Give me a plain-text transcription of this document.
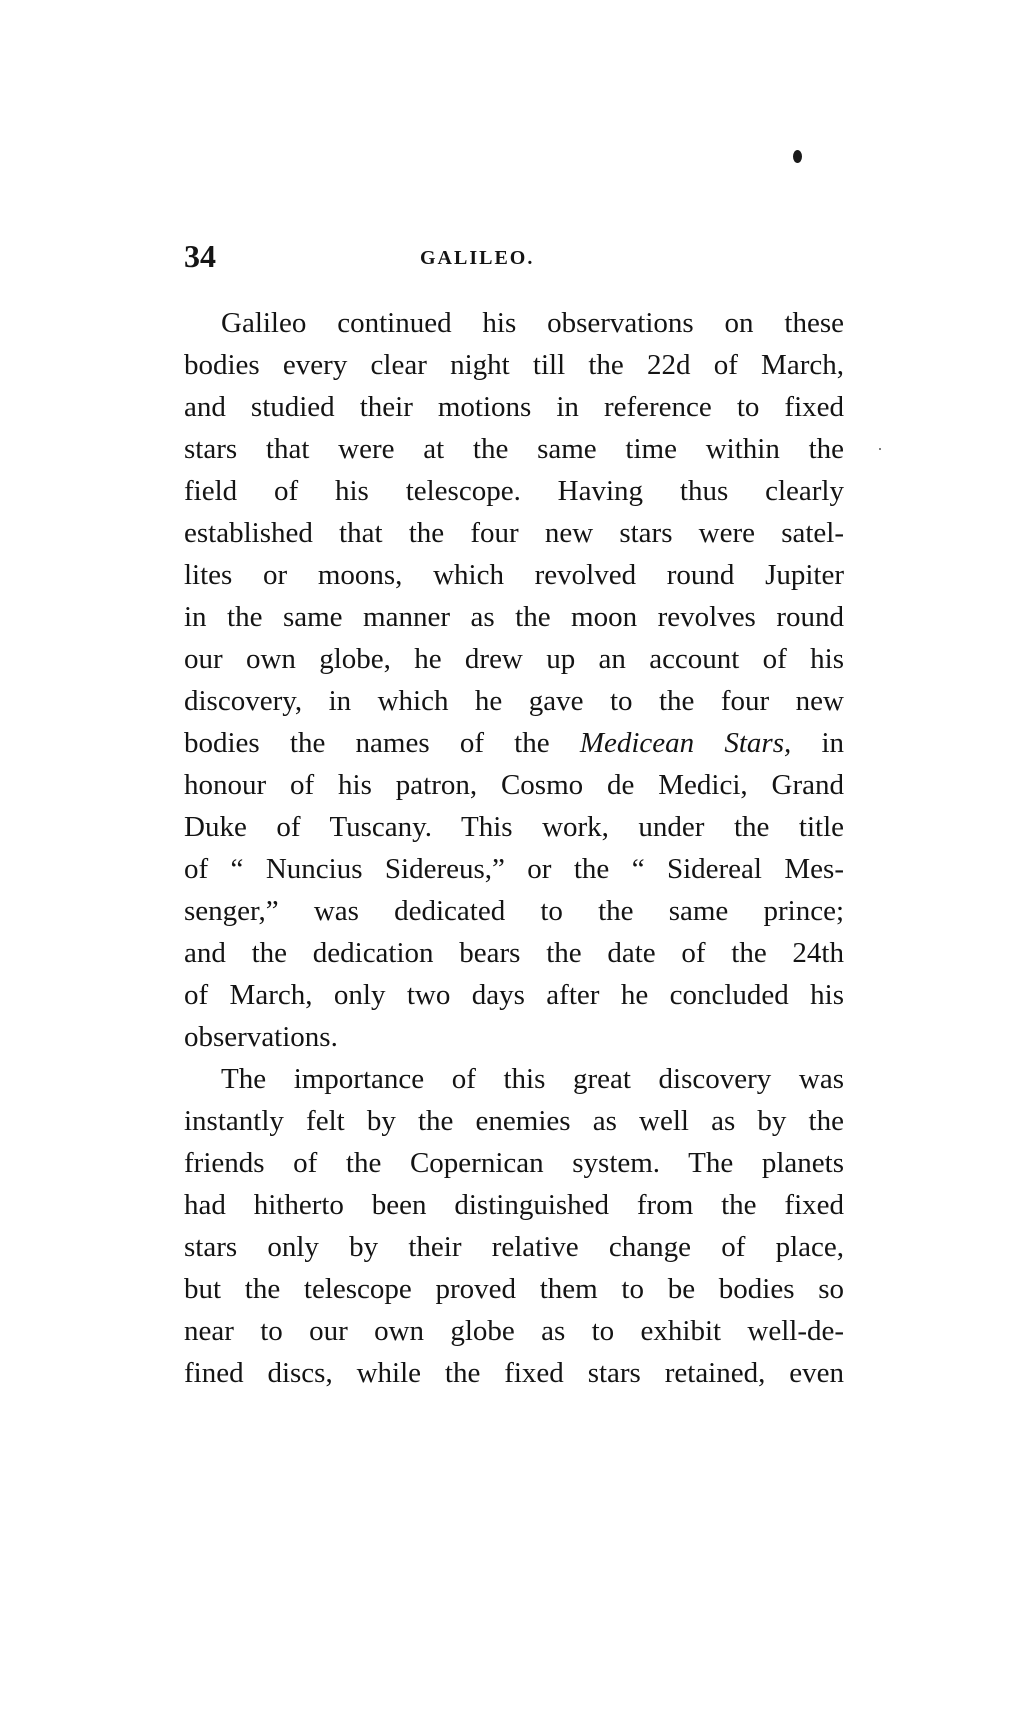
34	GALILEO.
Galileo continued his observations on these
bodies every clear night till the 22d of March,
and studied their motions in reference to fixed
stars that were at the same time within the
field of his telescope. Having thus clearly
established that the four new stars were satel-
lites or moons, which revolved round Jupiter
in the same manner as the moon revolves round
our own globe, he drew up an account of his
discovery, in which he gave to the four new
bodies the names of the Medicean Stars, in
honour of his patron, Cosmo de Medici, Grand
Duke of Tuscany. This work, under the title
of “ Nuncius Sidereus,” or the “ Sidereal Mes-
senger,” was dedicated to the same prince;
and the dedication bears the date of the 24th
of March, only two days after he concluded his
observations.
The importance of this great discovery was
instantly felt by the enemies as well as by the
friends of the Copernican system. The planets
had hitherto been distinguished from the fixed
stars only by their relative change of place,
but the telescope proved them to be bodies so
near to our own globe as to exhibit well-de-
fined discs, while the fixed stars retained, even
